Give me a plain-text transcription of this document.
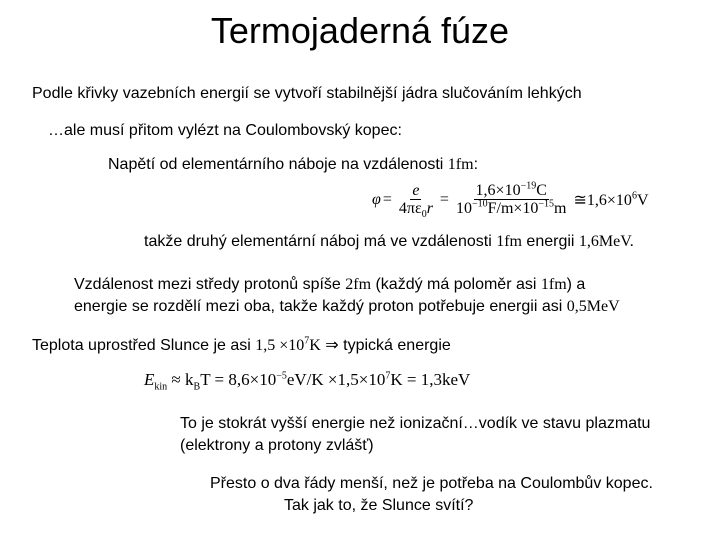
Termojaderná fúze
Podle křivky vazebních energií se vytvoří stabilnější jádra slučováním lehkých
…ale musí přitom vylézt na Coulombovský kopec:
Napětí od elementárního náboje na vzdálenosti 1fm:
$\varphi = \frac{e}{4\pi\varepsilon_0r} = \frac{1,6\times 10^{-19}C}{10^{-10}F/m\times 10^{-15}m}$ $≅1,6\times 10^6V$
takže druhý elementární náboj má ve vzdálenosti 1fm energii 1,6MeV.
Vzdálenost mezi středy protonů spíše 2fm (každý má poloměr asi 1fm) a
energie se rozdělí mezi oba, takže každý proton potřebuje energii asi 0,5MeV
Teplota uprostřed Slunce je asi $1,5 \times 10^7K$ ⇒ typická energie
$E_{kin} \approx k_BT = 8,6\times 10^{-5}eV/K \times 1,5\times 10^7K = 1,3keV$
To je stokrát vyšší energie než ionizační…vodík ve stavu plazmatu
(elektrony a protony zvlášť)
Přesto o dva řády menší, než je potřeba na Coulombův kopec.
Tak jak to, že Slunce svítí?
